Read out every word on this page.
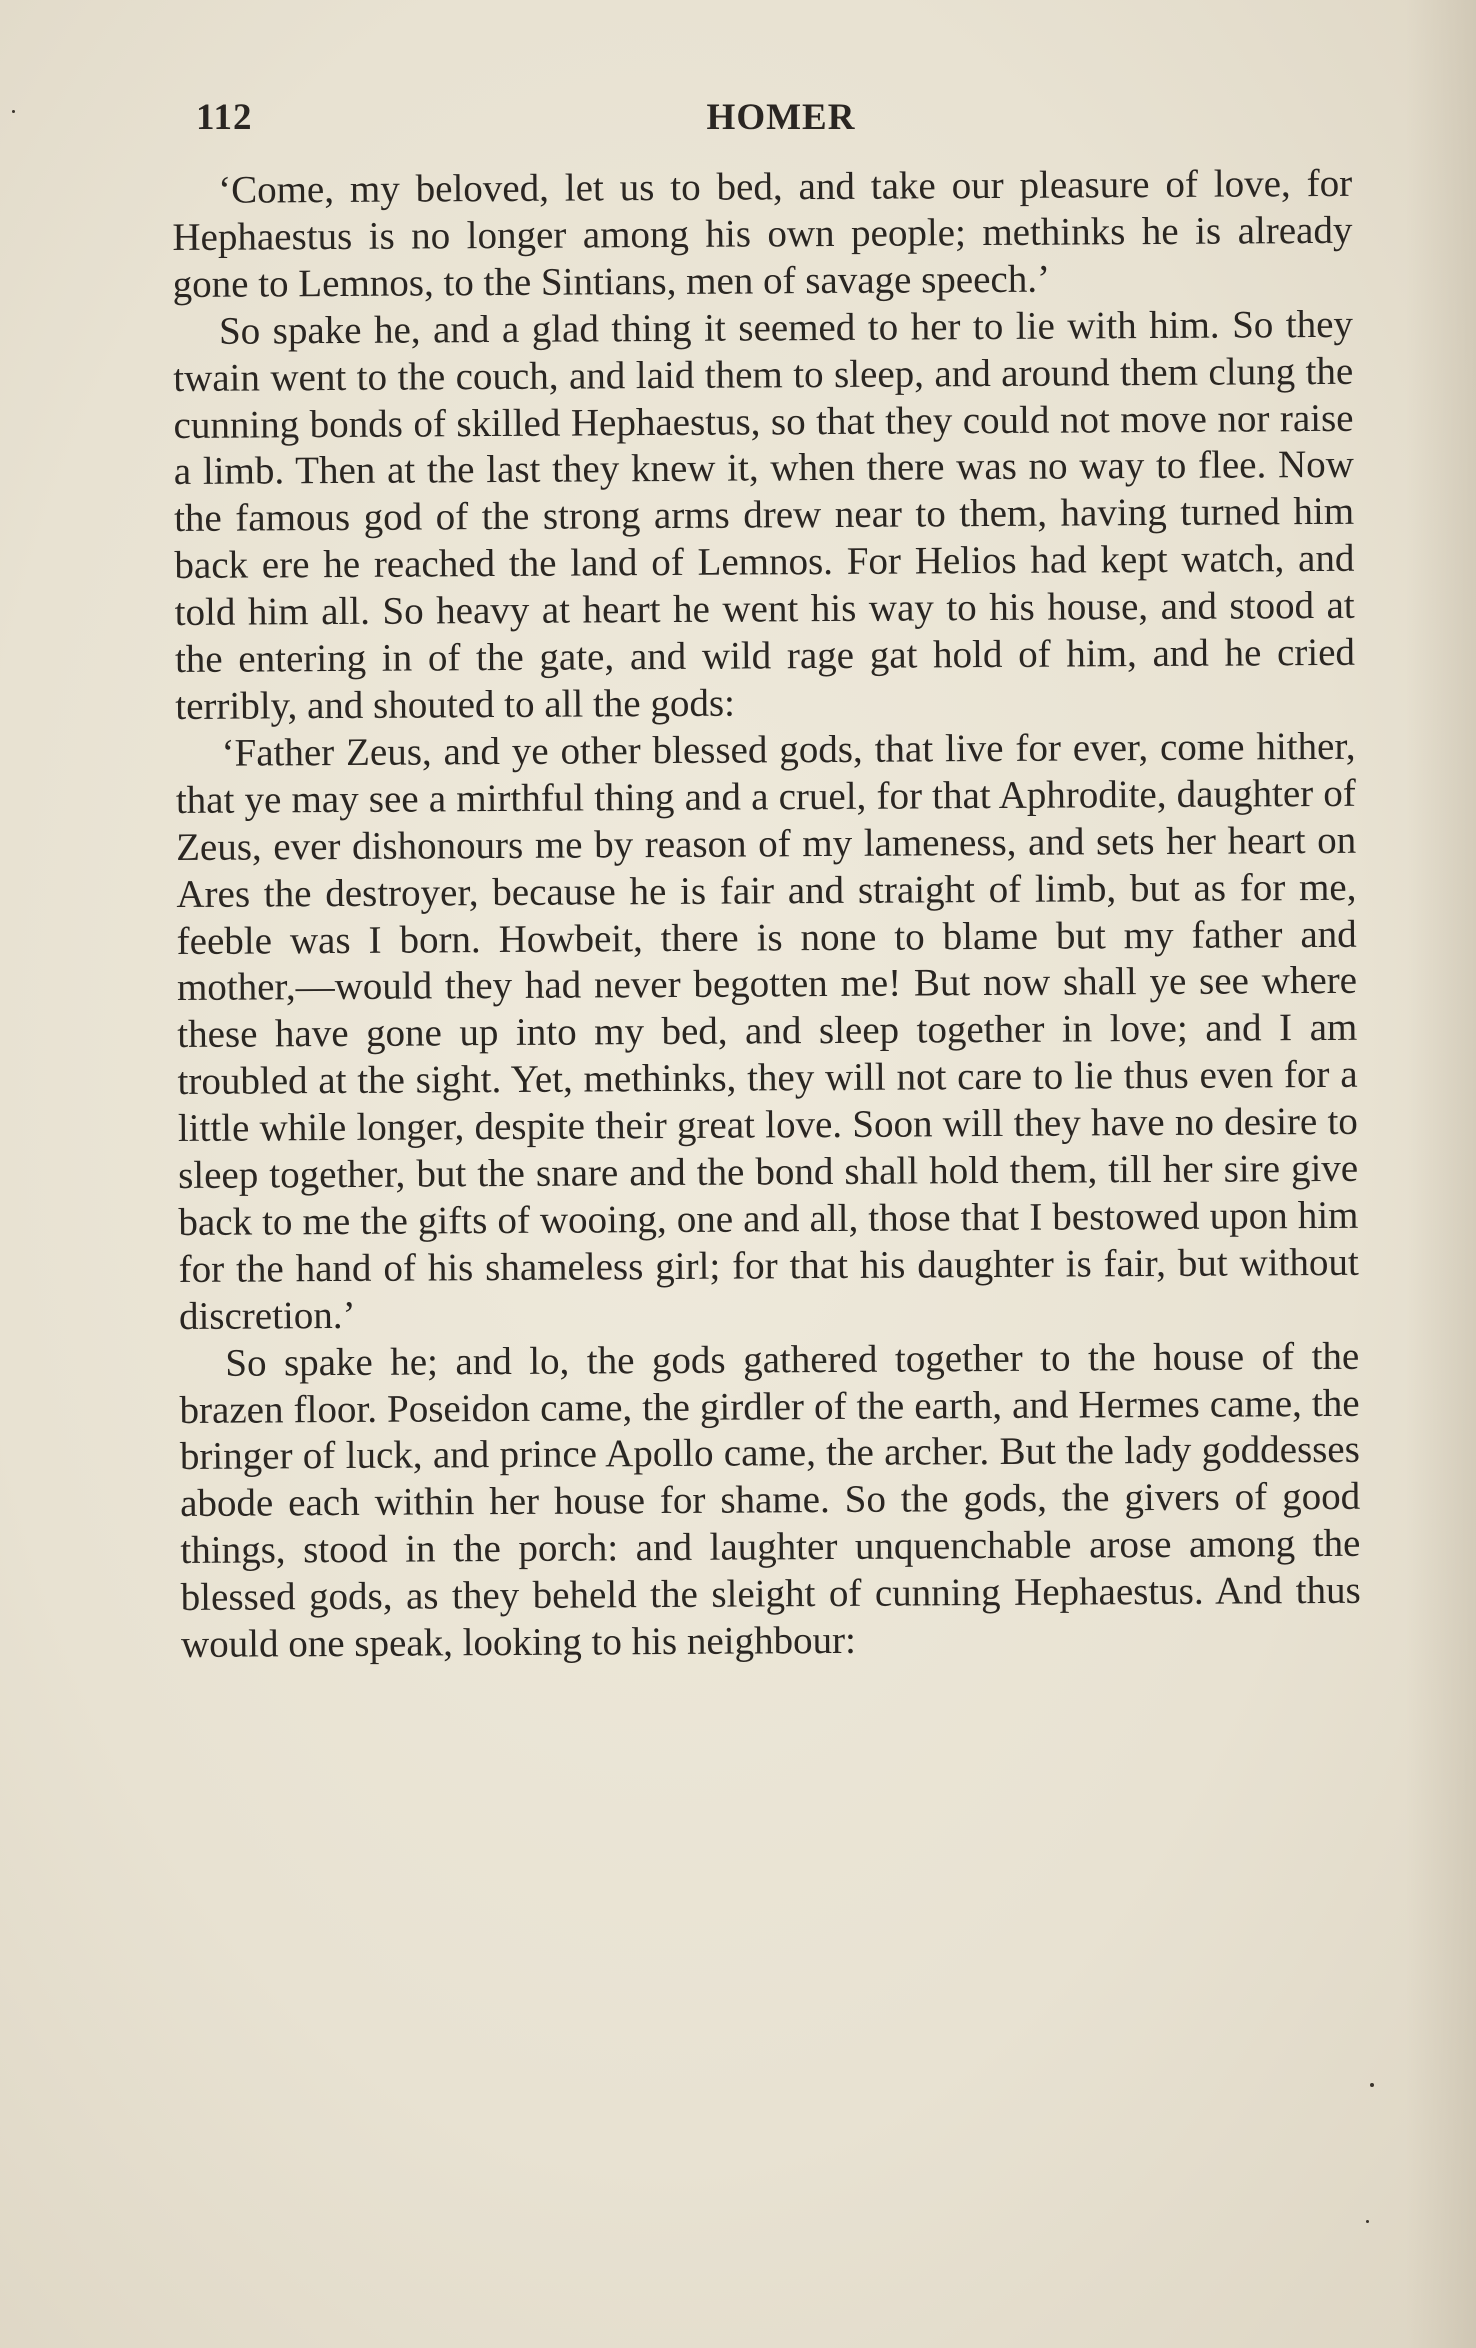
112	HOMER

‘Come, my beloved, let us to bed, and take our pleasure of love, for Hephaestus is no longer among his own people; methinks he is already gone to Lemnos, to the Sintians, men of savage speech.’

So spake he, and a glad thing it seemed to her to lie with him. So they twain went to the couch, and laid them to sleep, and around them clung the cunning bonds of skilled Hephaestus, so that they could not move nor raise a limb. Then at the last they knew it, when there was no way to flee. Now the famous god of the strong arms drew near to them, having turned him back ere he reached the land of Lemnos. For Helios had kept watch, and told him all. So heavy at heart he went his way to his house, and stood at the entering in of the gate, and wild rage gat hold of him, and he cried terribly, and shouted to all the gods:

‘Father Zeus, and ye other blessed gods, that live for ever, come hither, that ye may see a mirthful thing and a cruel, for that Aphrodite, daughter of Zeus, ever dishonours me by reason of my lameness, and sets her heart on Ares the destroyer, because he is fair and straight of limb, but as for me, feeble was I born. Howbeit, there is none to blame but my father and mother,—would they had never begotten me! But now shall ye see where these have gone up into my bed, and sleep together in love; and I am troubled at the sight. Yet, methinks, they will not care to lie thus even for a little while longer, despite their great love. Soon will they have no desire to sleep together, but the snare and the bond shall hold them, till her sire give back to me the gifts of wooing, one and all, those that I bestowed upon him for the hand of his shameless girl; for that his daughter is fair, but without discretion.’

So spake he; and lo, the gods gathered together to the house of the brazen floor. Poseidon came, the girdler of the earth, and Hermes came, the bringer of luck, and prince Apollo came, the archer. But the lady goddesses abode each within her house for shame. So the gods, the givers of good things, stood in the porch: and laughter unquenchable arose among the blessed gods, as they beheld the sleight of cunning Hephaestus. And thus would one speak, looking to his neighbour:
